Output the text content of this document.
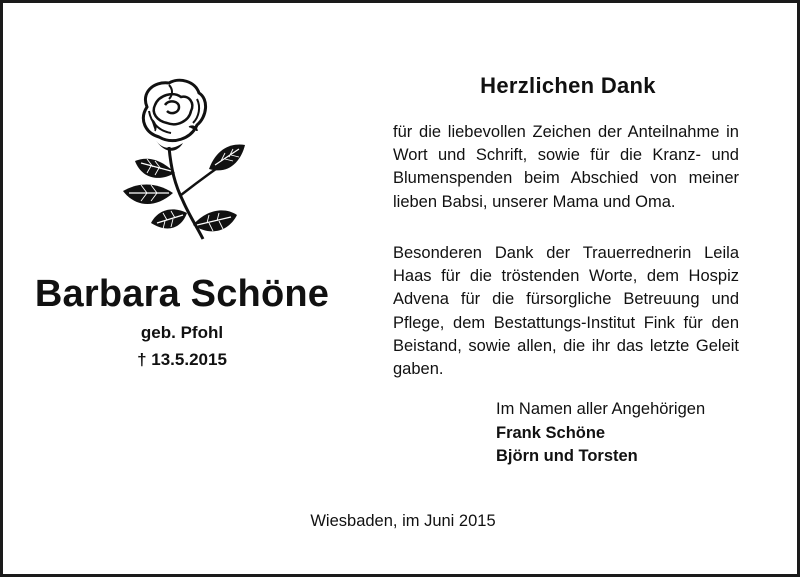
Barbara Schöne
geb. Pfohl
† 13.5.2015
Herzlichen Dank
für die liebevollen Zeichen der Anteilnahme in Wort und Schrift, sowie für die Kranz- und Blumenspenden beim Abschied von meiner lieben Babsi, unserer Mama und Oma.
Besonderen Dank der Trauerrednerin Leila Haas für die tröstenden Worte, dem Hospiz Advena für die fürsorgliche Betreuung und Pflege, dem Bestattungs-Institut Fink für den Beistand, sowie allen, die ihr das letzte Geleit gaben.
Im Namen aller Angehörigen
Frank Schöne
Björn und Torsten
Wiesbaden, im Juni 2015
